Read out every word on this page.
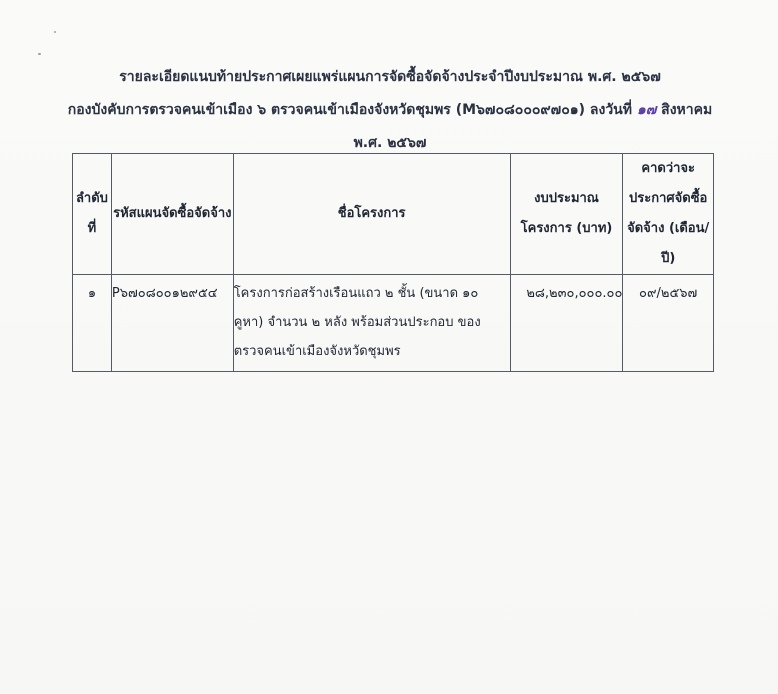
รายละเอียดแนบท้ายประกาศเผยแพร่แผนการจัดซื้อจัดจ้างประจำปีงบประมาณ พ.ศ. ๒๕๖๗
กองบังคับการตรวจคนเข้าเมือง ๖ ตรวจคนเข้าเมืองจังหวัดชุมพร (M๖๗๐๘๐๐๐๙๗๐๑) ลงวันที่ ๑๗ สิงหาคม
พ.ศ. ๒๕๖๗
ลำดับที่	รหัสแผนจัดซื้อจัดจ้าง	ชื่อโครงการ	งบประมาณโครงการ (บาท)	คาดว่าจะประกาศจัดซื้อจัดจ้าง (เดือน/ปี)
๑	P๖๗๐๘๐๐๑๒๙๕๔	โครงการก่อสร้างเรือนแถว ๒ ชั้น (ขนาด ๑๐ คูหา) จำนวน ๒ หลัง พร้อมส่วนประกอบ ของตรวจคนเข้าเมืองจังหวัดชุมพร	๒๘,๒๓๐,๐๐๐.๐๐	๐๙/๒๕๖๗
